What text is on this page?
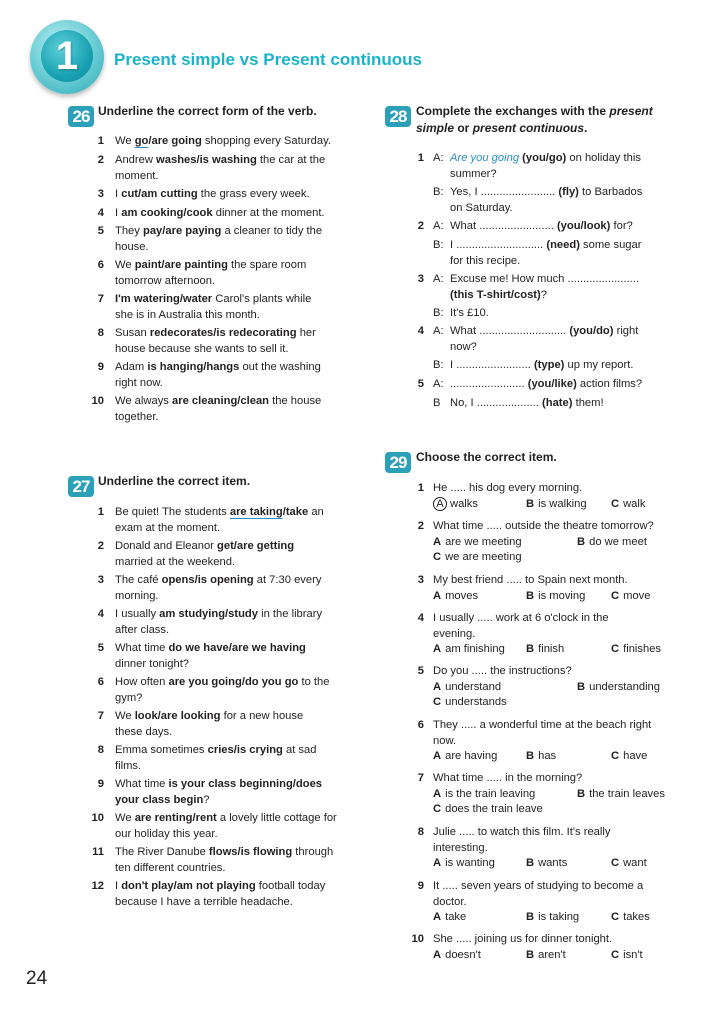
1 Present simple vs Present continuous
26 Underline the correct form of the verb.
1 We go/are going shopping every Saturday.
2 Andrew washes/is washing the car at the
moment.
3 I cut/am cutting the grass every week.
4 I am cooking/cook dinner at the moment.
5 They pay/are paying a cleaner to tidy the
house.
6 We paint/are painting the spare room
tomorrow afternoon.
7 I'm watering/water Carol's plants while
she is in Australia this month.
8 Susan redecorates/is redecorating her
house because she wants to sell it.
9 Adam is hanging/hangs out the washing
right now.
10 We always are cleaning/clean the house
together.
27 Underline the correct item.
1 Be quiet! The students are taking/take an
exam at the moment.
2 Donald and Eleanor get/are getting
married at the weekend.
3 The café opens/is opening at 7:30 every
morning.
4 I usually am studying/study in the library
after class.
5 What time do we have/are we having
dinner tonight?
6 How often are you going/do you go to the
gym?
7 We look/are looking for a new house
these days.
8 Emma sometimes cries/is crying at sad
films.
9 What time is your class beginning/does
your class begin?
10 We are renting/rent a lovely little cottage for
our holiday this year.
11 The River Danube flows/is flowing through
ten different countries.
12 I don't play/am not playing football today
because I have a terrible headache.
28 Complete the exchanges with the present
simple or present continuous.
1 A: Are you going (you/go) on holiday this
summer?
B: Yes, I ........................ (fly) to Barbados
on Saturday.
2 A: What ........................ (you/look) for?
B: I ............................ (need) some sugar
for this recipe.
3 A: Excuse me! How much .......................
(this T-shirt/cost)?
B: It's £10.
4 A: What ............................ (you/do) right
now?
B: I ........................ (type) up my report.
5 A: ........................ (you/like) action films?
B No, I .................... (hate) them!
29 Choose the correct item.
1 He ..... his dog every morning.
A walks	B is walking C walk
2 What time ..... outside the theatre tomorrow?
A are we meeting	B do we meet
C we are meeting
3 My best friend ..... to Spain next month.
A moves	B is moving C move
4 I usually ..... work at 6 o'clock in the
evening.
A am finishing B finish	C finishes
5 Do you ..... the instructions?
A understand	B understanding
C understands
6 They ..... a wonderful time at the beach right
now.
A are having	B has	C have
7 What time ..... in the morning?
A is the train leaving	B the train leaves
C does the train leave
8 Julie ..... to watch this film. It's really
interesting.
A is wanting	B wants	C want
9 It ..... seven years of studying to become a
doctor.
A take	B is taking	C takes
10 She ..... joining us for dinner tonight.
A doesn't	B aren't	C isn't
24
